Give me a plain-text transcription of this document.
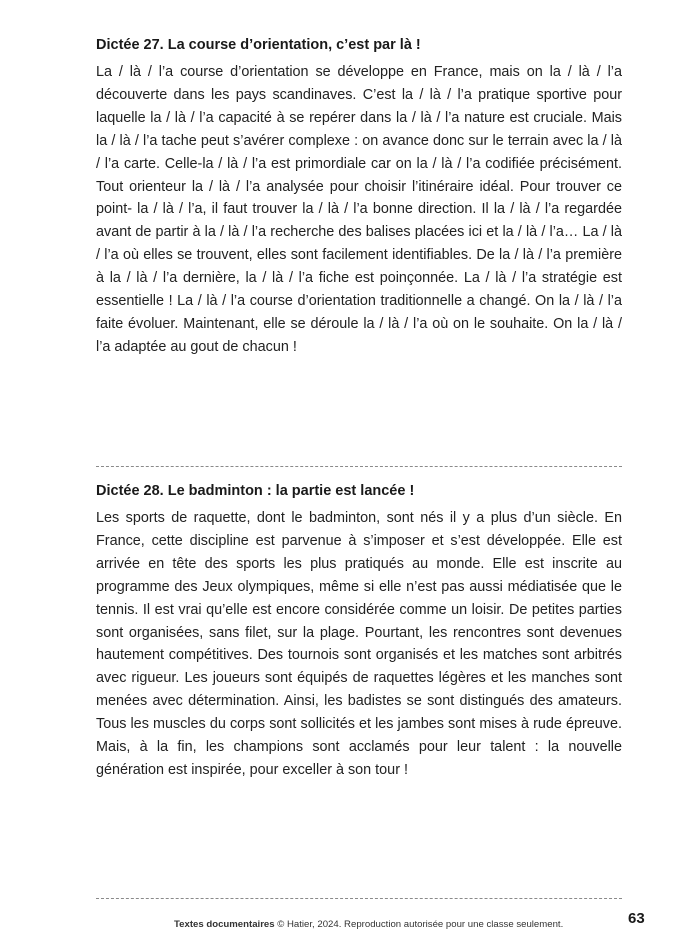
Dictée 27. La course d’orientation, c’est par là !

La / là / l’a course d’orientation se développe en France, mais on la / là / l’a découverte dans les pays scandinaves. C’est la / là / l’a pratique sportive pour laquelle la / là / l’a capacité à se repérer dans la / là / l’a nature est cruciale. Mais la / là / l’a tache peut s’avérer complexe : on avance donc sur le terrain avec la / là / l’a carte. Celle-la / là / l’a est primordiale car on la / là / l’a codifiée précisément. Tout orienteur la / là / l’a analysée pour choisir l’itinéraire idéal. Pour trouver ce point- la / là / l’a, il faut trouver la / là / l’a bonne direction. Il la / là / l’a regardée avant de partir à la / là / l’a recherche des balises placées ici et la / là / l’a… La / là / l’a où elles se trouvent, elles sont facilement identifiables. De la / là / l’a première à la / là / l’a dernière, la / là / l’a fiche est poinçonnée. La / là / l’a stratégie est essentielle ! La / là / l’a course d’orientation traditionnelle a changé. On la / là / l’a faite évoluer. Maintenant, elle se déroule la / là / l’a où on le souhaite. On la / là / l’a adaptée au gout de chacun !

Dictée 28. Le badminton : la partie est lancée !

Les sports de raquette, dont le badminton, sont nés il y a plus d’un siècle. En France, cette discipline est parvenue à s’imposer et s’est développée. Elle est arrivée en tête des sports les plus pratiqués au monde. Elle est inscrite au programme des Jeux olympiques, même si elle n’est pas aussi médiatisée que le tennis. Il est vrai qu’elle est encore considérée comme un loisir. De petites parties sont organisées, sans filet, sur la plage. Pourtant, les rencontres sont devenues hautement compétitives. Des tournois sont organisés et les matches sont arbitrés avec rigueur. Les joueurs sont équipés de raquettes légères et les manches sont menées avec détermination. Ainsi, les badistes se sont distingués des amateurs. Tous les muscles du corps sont sollicités et les jambes sont mises à rude épreuve. Mais, à la fin, les champions sont acclamés pour leur talent : la nouvelle génération est inspirée, pour exceller à son tour !

Textes documentaires © Hatier, 2024. Reproduction autorisée pour une classe seulement.	63
